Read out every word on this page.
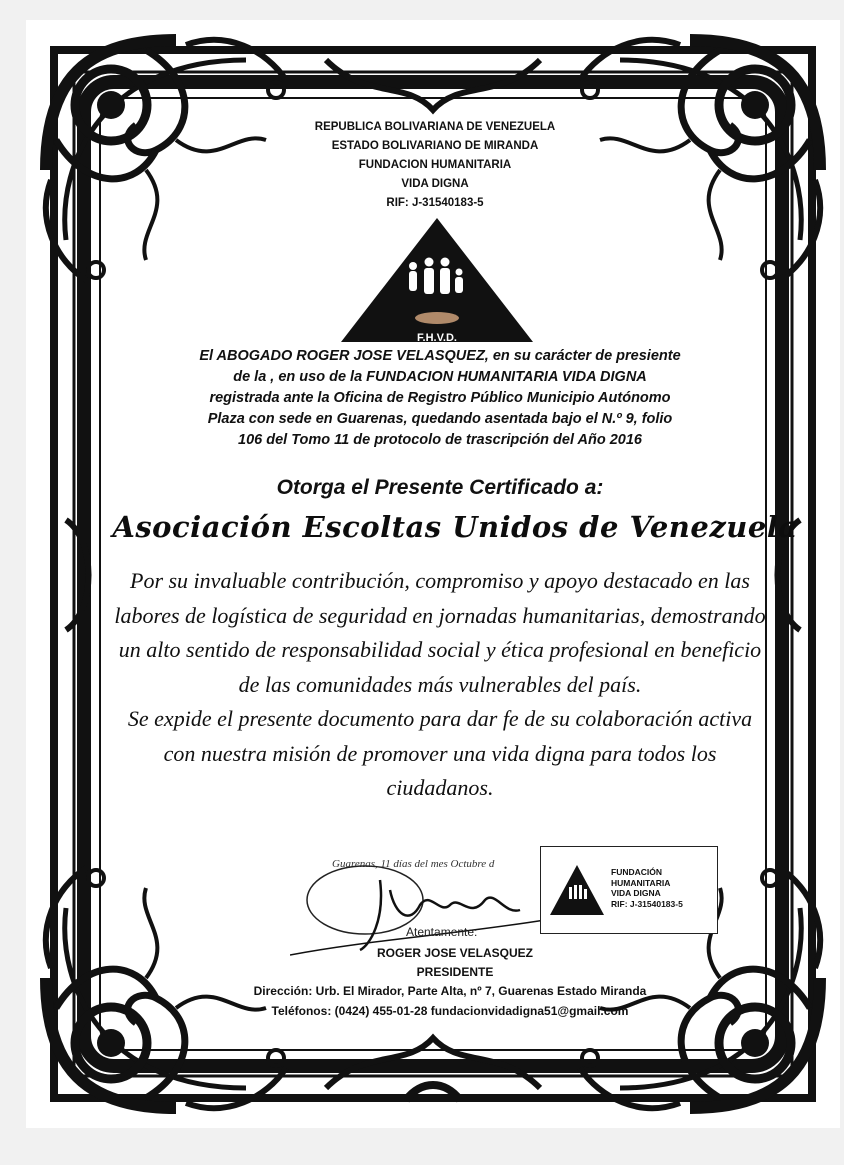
REPUBLICA BOLIVARIANA DE VENEZUELA
ESTADO BOLIVARIANO DE MIRANDA
FUNDACION HUMANITARIA
VIDA DIGNA
RIF: J-31540183-5
F.H.V.D.
El ABOGADO ROGER JOSE VELASQUEZ, en su carácter de presiente
de la , en uso de la FUNDACION HUMANITARIA VIDA DIGNA
registrada ante la Oficina de Registro Público Municipio Autónomo
Plaza con sede en Guarenas, quedando asentada bajo el N.º 9, folio
106 del Tomo 11 de protocolo de trascripción del Año 2016
Otorga el Presente Certificado a:
Asociación Escoltas Unidos de Venezuela

Por su invaluable contribución, compromiso y apoyo destacado en las labores de logística de seguridad en jornadas humanitarias, demostrando un alto sentido de responsabilidad social y ética profesional en beneficio de las comunidades más vulnerables del país.

Se expide el presente documento para dar fe de su colaboración activa con nuestra misión de promover una vida digna para todos los ciudadanos.

Guarenas, 11 días del mes Octubre d
FUNDACIÓN
HUMANITARIA
VIDA DIGNA
RIF: J-31540183-5
Atentamente:
ROGER JOSE VELASQUEZ
PRESIDENTE
Dirección: Urb. El Mirador, Parte Alta, nº 7, Guarenas Estado Miranda
Teléfonos: (0424) 455-01-28 fundacionvidadigna51@gmail.com
